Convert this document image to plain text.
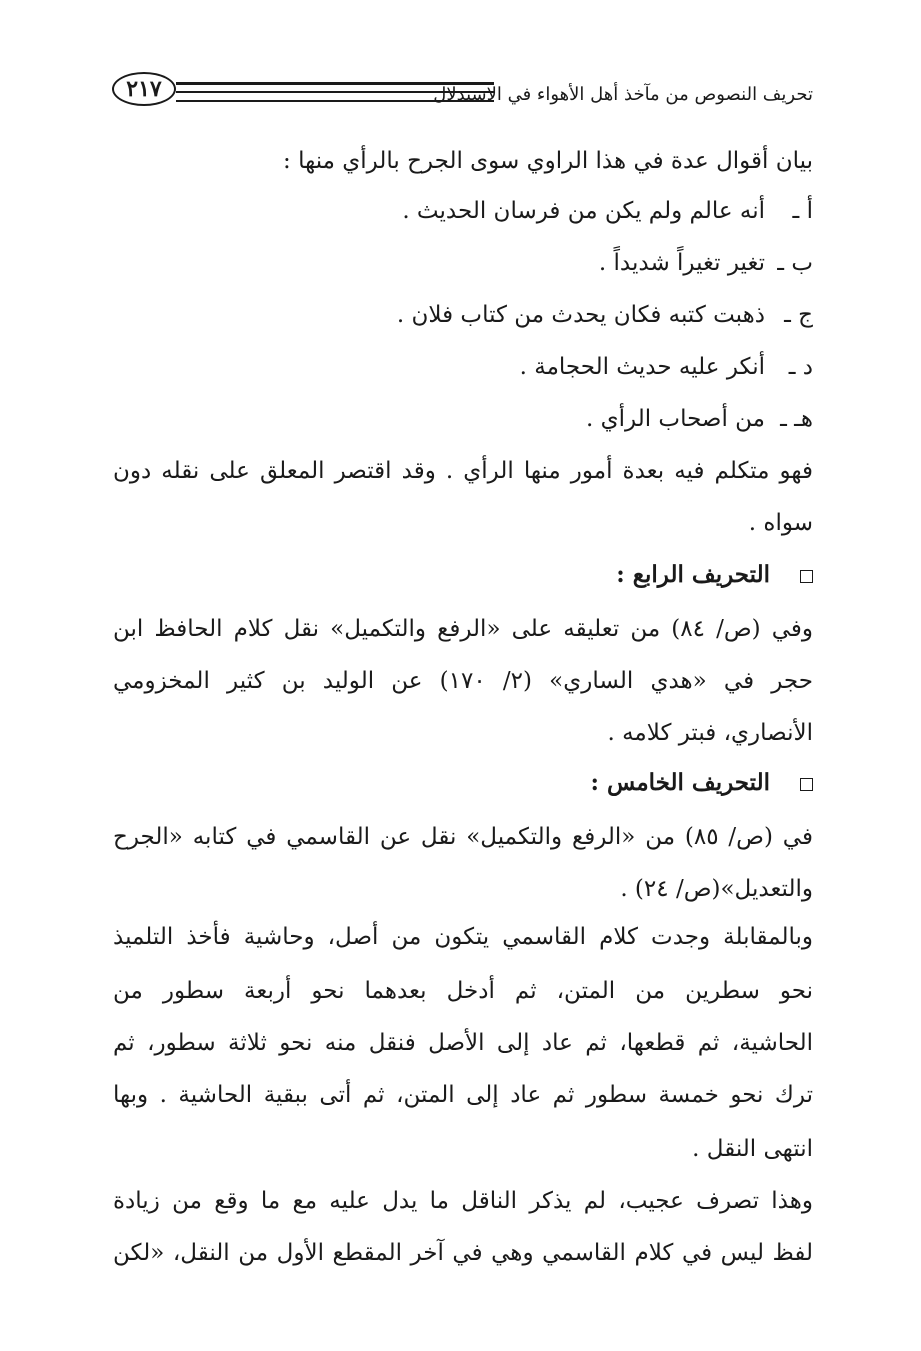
تحريف النصوص من مآخذ أهل الأهواء في الاستدلال
٢١٧
بيان أقوال عدة في هذا الراوي سوى الجرح بالرأي منها :
أ ـأنه عالم ولم يكن من فرسان الحديث .
ب ـتغير تغيراً شديداً .
ج ـذهبت كتبه فكان يحدث من كتاب فلان .
د ـأنكر عليه حديث الحجامة .
هـ ـمن أصحاب الرأي .
فهو متكلم فيه بعدة أمور منها الرأي . وقد اقتصر المعلق على نقله دون
سواه .
التحريف الرابع :
وفي (ص/ ٨٤) من تعليقه على «الرفع والتكميل» نقل كلام الحافظ ابن
حجر في «هدي الساري» (٢/ ١٧٠) عن الوليد بن كثير المخزومي
الأنصاري، فبتر كلامه .
التحريف الخامس :
في (ص/ ٨٥) من «الرفع والتكميل» نقل عن القاسمي في كتابه «الجرح
والتعديل»(ص/ ٢٤) .
وبالمقابلة وجدت كلام القاسمي يتكون من أصل، وحاشية فأخذ التلميذ
نحو سطرين من المتن، ثم أدخل بعدهما نحو أربعة سطور من
الحاشية، ثم قطعها، ثم عاد إلى الأصل فنقل منه نحو ثلاثة سطور، ثم
ترك نحو خمسة سطور ثم عاد إلى المتن، ثم أتى ببقية الحاشية . وبها
انتهى النقل .
وهذا تصرف عجيب، لم يذكر الناقل ما يدل عليه مع ما وقع من زيادة
لفظ ليس في كلام القاسمي وهي في آخر المقطع الأول من النقل، «لكن
